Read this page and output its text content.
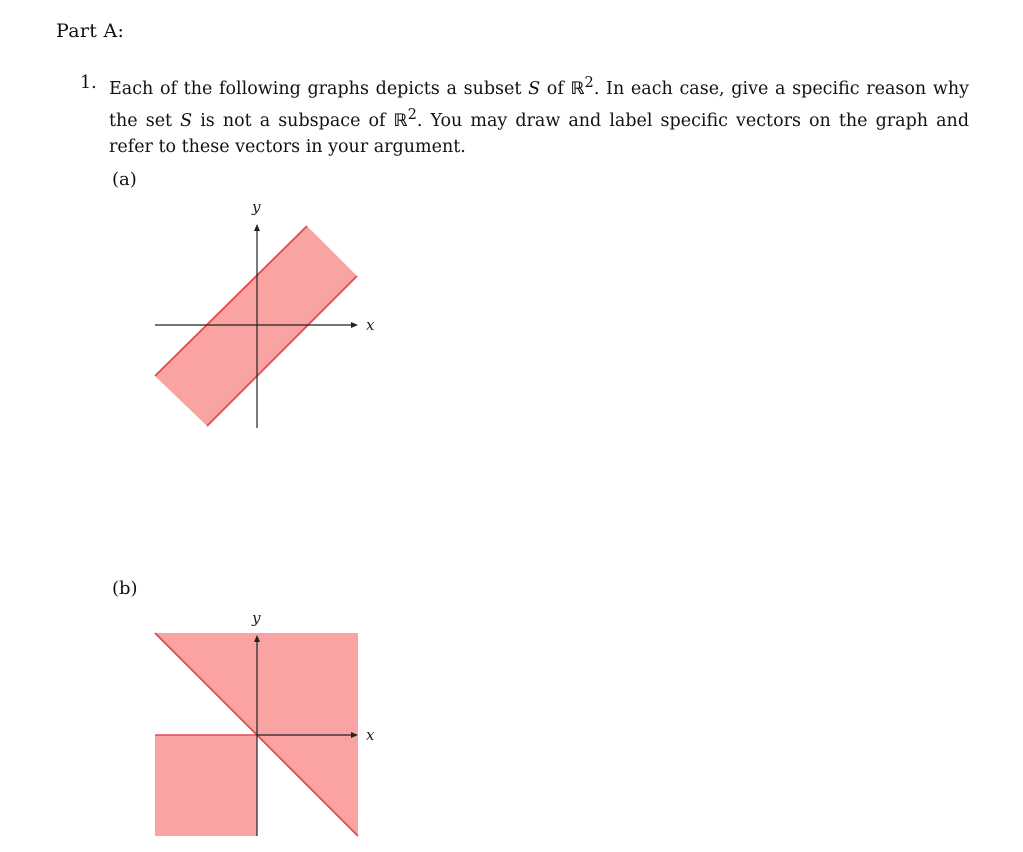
Part A:
1. Each of the following graphs depicts a subset S of ℝ$^2$. In each case, give a specific reason why the set S is not a subspace of ℝ$^2$. You may draw and label specific vectors on the graph and refer to these vectors in your argument.
(a)
x
y
(b)
x
y
